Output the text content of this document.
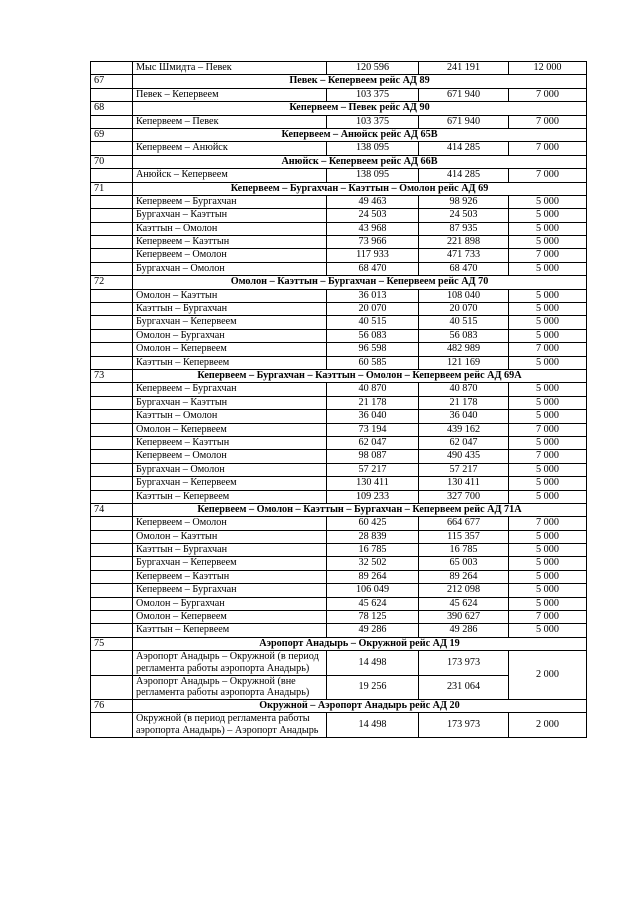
	Мыс Шмидта – Певек	120 596	241 191	12 000
67	Певек – Кепервеем рейс АД 89			
	Певек – Кепервеем	103 375	671 940	7 000
68	Кепервеем – Певек рейс АД 90			
	Кепервеем – Певек	103 375	671 940	7 000
69	Кепервеем – Анюйск рейс АД 65В			
	Кепервеем – Анюйск	138 095	414 285	7 000
70	Анюйск – Кепервеем рейс АД 66В			
	Анюйск – Кепервеем	138 095	414 285	7 000
71	Кепервеем – Бургахчан – Каэттын – Омолон рейс АД 69			
	Кепервеем – Бургахчан	49 463	98 926	5 000
	Бургахчан – Каэттын	24 503	24 503	5 000
	Каэттын – Омолон	43 968	87 935	5 000
	Кепервеем – Каэттын	73 966	221 898	5 000
	Кепервеем – Омолон	117 933	471 733	7 000
	Бургахчан – Омолон	68 470	68 470	5 000
72	Омолон – Каэттын – Бургахчан – Кепервеем рейс АД 70			
	Омолон – Каэттын	36 013	108 040	5 000
	Каэттын – Бургахчан	20 070	20 070	5 000
	Бургахчан – Кепервеем	40 515	40 515	5 000
	Омолон – Бургахчан	56 083	56 083	5 000
	Омолон – Кепервеем	96 598	482 989	7 000
	Каэттын – Кепервеем	60 585	121 169	5 000
73	Кепервеем – Бургахчан – Каэттын – Омолон – Кепервеем рейс АД 69А			
	Кепервеем – Бургахчан	40 870	40 870	5 000
	Бургахчан – Каэттын	21 178	21 178	5 000
	Каэттын – Омолон	36 040	36 040	5 000
	Омолон – Кепервеем	73 194	439 162	7 000
	Кепервеем – Каэттын	62 047	62 047	5 000
	Кепервеем – Омолон	98 087	490 435	7 000
	Бургахчан – Омолон	57 217	57 217	5 000
	Бургахчан – Кепервеем	130 411	130 411	5 000
	Каэттын – Кепервеем	109 233	327 700	5 000
74	Кепервеем – Омолон – Каэттын – Бургахчан – Кепервеем рейс АД 71А			
	Кепервеем – Омолон	60 425	664 677	7 000
	Омолон – Каэттын	28 839	115 357	5 000
	Каэттын – Бургахчан	16 785	16 785	5 000
	Бургахчан – Кепервеем	32 502	65 003	5 000
	Кепервеем – Каэттын	89 264	89 264	5 000
	Кепервеем – Бургахчан	106 049	212 098	5 000
	Омолон – Бургахчан	45 624	45 624	5 000
	Омолон – Кепервеем	78 125	390 627	7 000
	Каэттын – Кепервеем	49 286	49 286	5 000
75	Аэропорт Анадырь – Окружной рейс АД 19			
	Аэропорт Анадырь – Окружной (в период регламента работы аэропорта Анадырь)	14 498	173 973	2 000
	Аэропорт Анадырь – Окружной (вне регламента работы аэропорта Анадырь)	19 256	231 064	
76	Окружной – Аэропорт Анадырь рейс АД 20			
	Окружной (в период регламента работы аэропорта Анадырь) – Аэропорт Анадырь	14 498	173 973	2 000
